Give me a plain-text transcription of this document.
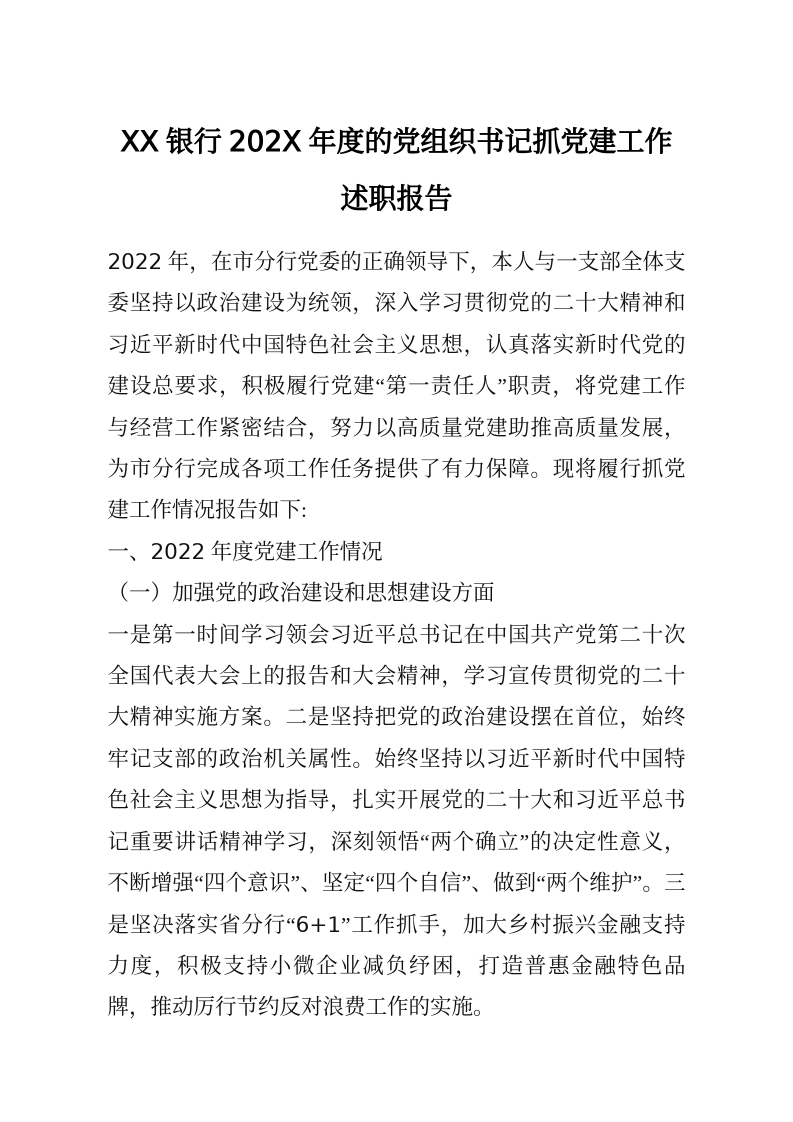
XX 银行 202X 年度的党组织书记抓党建工作述职报告

2022 年，在市分行党委的正确领导下，本人与一支部全体支委坚持以政治建设为统领，深入学习贯彻党的二十大精神和习近平新时代中国特色社会主义思想，认真落实新时代党的建设总要求，积极履行党建“第一责任人”职责，将党建工作与经营工作紧密结合，努力以高质量党建助推高质量发展，为市分行完成各项工作任务提供了有力保障。现将履行抓党建工作情况报告如下:

一、2022 年度党建工作情况

（一）加强党的政治建设和思想建设方面

一是第一时间学习领会习近平总书记在中国共产党第二十次全国代表大会上的报告和大会精神，学习宣传贯彻党的二十大精神实施方案。二是坚持把党的政治建设摆在首位，始终牢记支部的政治机关属性。始终坚持以习近平新时代中国特色社会主义思想为指导，扎实开展党的二十大和习近平总书记重要讲话精神学习，深刻领悟“两个确立”的决定性意义，不断增强“四个意识”、坚定“四个自信”、做到“两个维护”。三是坚决落实省分行“6+1”工作抓手，加大乡村振兴金融支持力度，积极支持小微企业减负纾困，打造普惠金融特色品牌，推动厉行节约反对浪费工作的实施。
